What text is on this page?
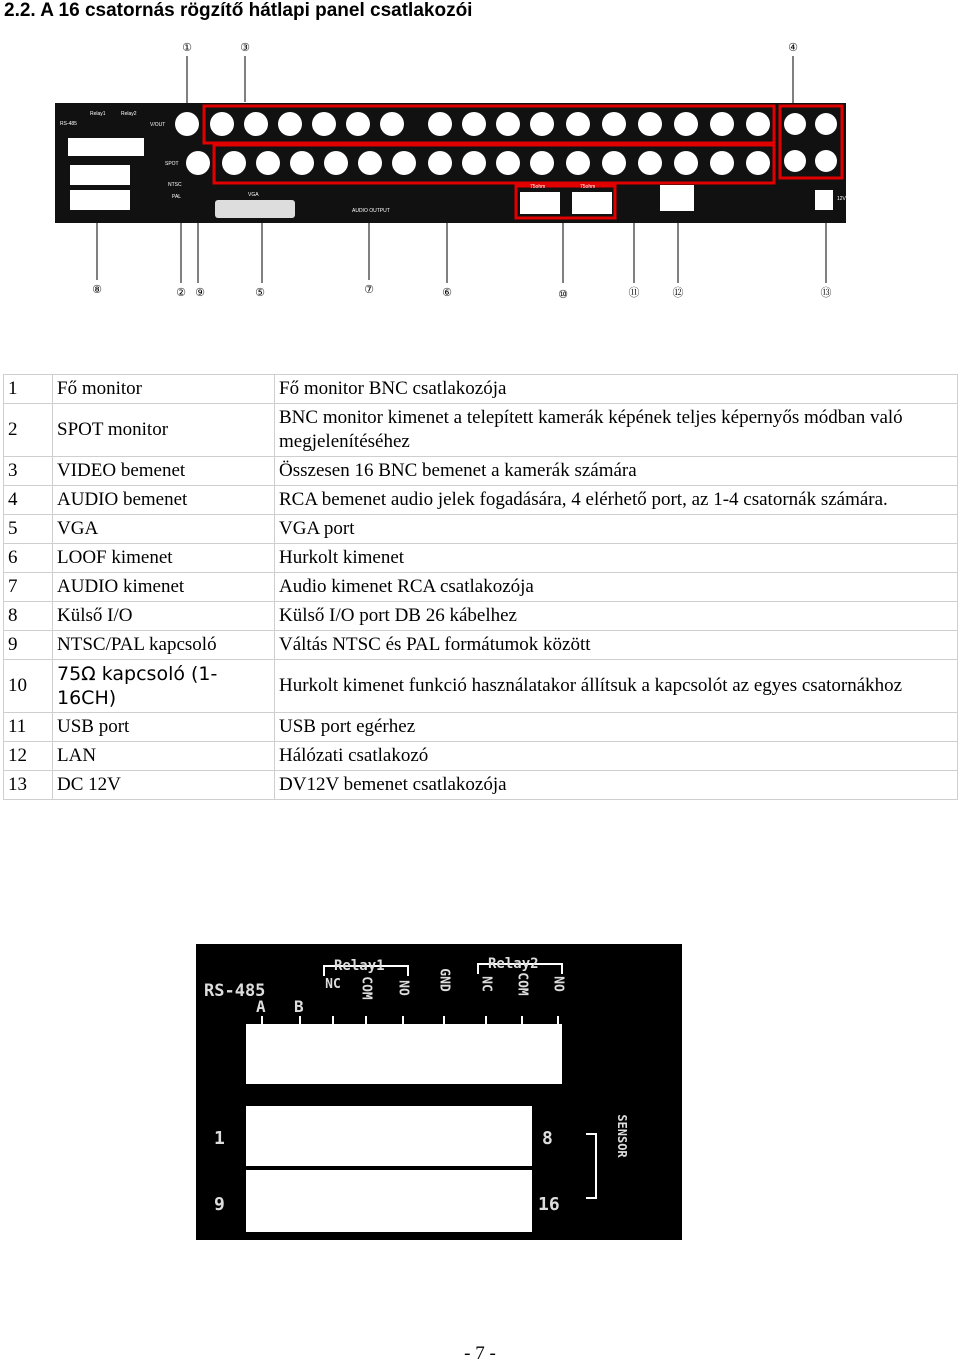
2.2. A 16 csatornás rögzítő hátlapi panel csatlakozói
RS-485
Relay1	Relay2
V/OUT
SPOT
NTSC
PAL	VGA
AUDIO OUTPUT
75ohm	75ohm
12V
①	③	④
⑧	② ⑨	⑤	⑦	⑥	⑩	⑪	⑫	⑬
1	Fő monitor	Fő monitor BNC csatlakozója
2	SPOT monitor	BNC monitor kimenet a telepített kamerák képének teljes képernyős módban való megjelenítéséhez
3	VIDEO bemenet	Összesen 16 BNC bemenet a kamerák számára
4	AUDIO bemenet	RCA bemenet audio jelek fogadására, 4 elérhető port, az 1-4 csatornák számára.
5	VGA	VGA port
6	LOOF kimenet	Hurkolt kimenet
7	AUDIO kimenet	Audio kimenet RCA csatlakozója
8	Külső I/O	Külső I/O port DB 26 kábelhez
9	NTSC/PAL kapcsoló	Váltás NTSC és PAL formátumok között
10	75Ω kapcsoló (1-16CH)	Hurkolt kimenet funkció használatakor állítsuk a kapcsolót az egyes csatornákhoz
11	USB port	USB port egérhez
12	LAN	Hálózati csatlakozó
13	DC 12V	DV12V bemenet csatlakozója
RS-485
A B
Relay1	Relay2
NC COM NO GND NC COM NO
SENSOR
1	8
9	16
- 7 -
